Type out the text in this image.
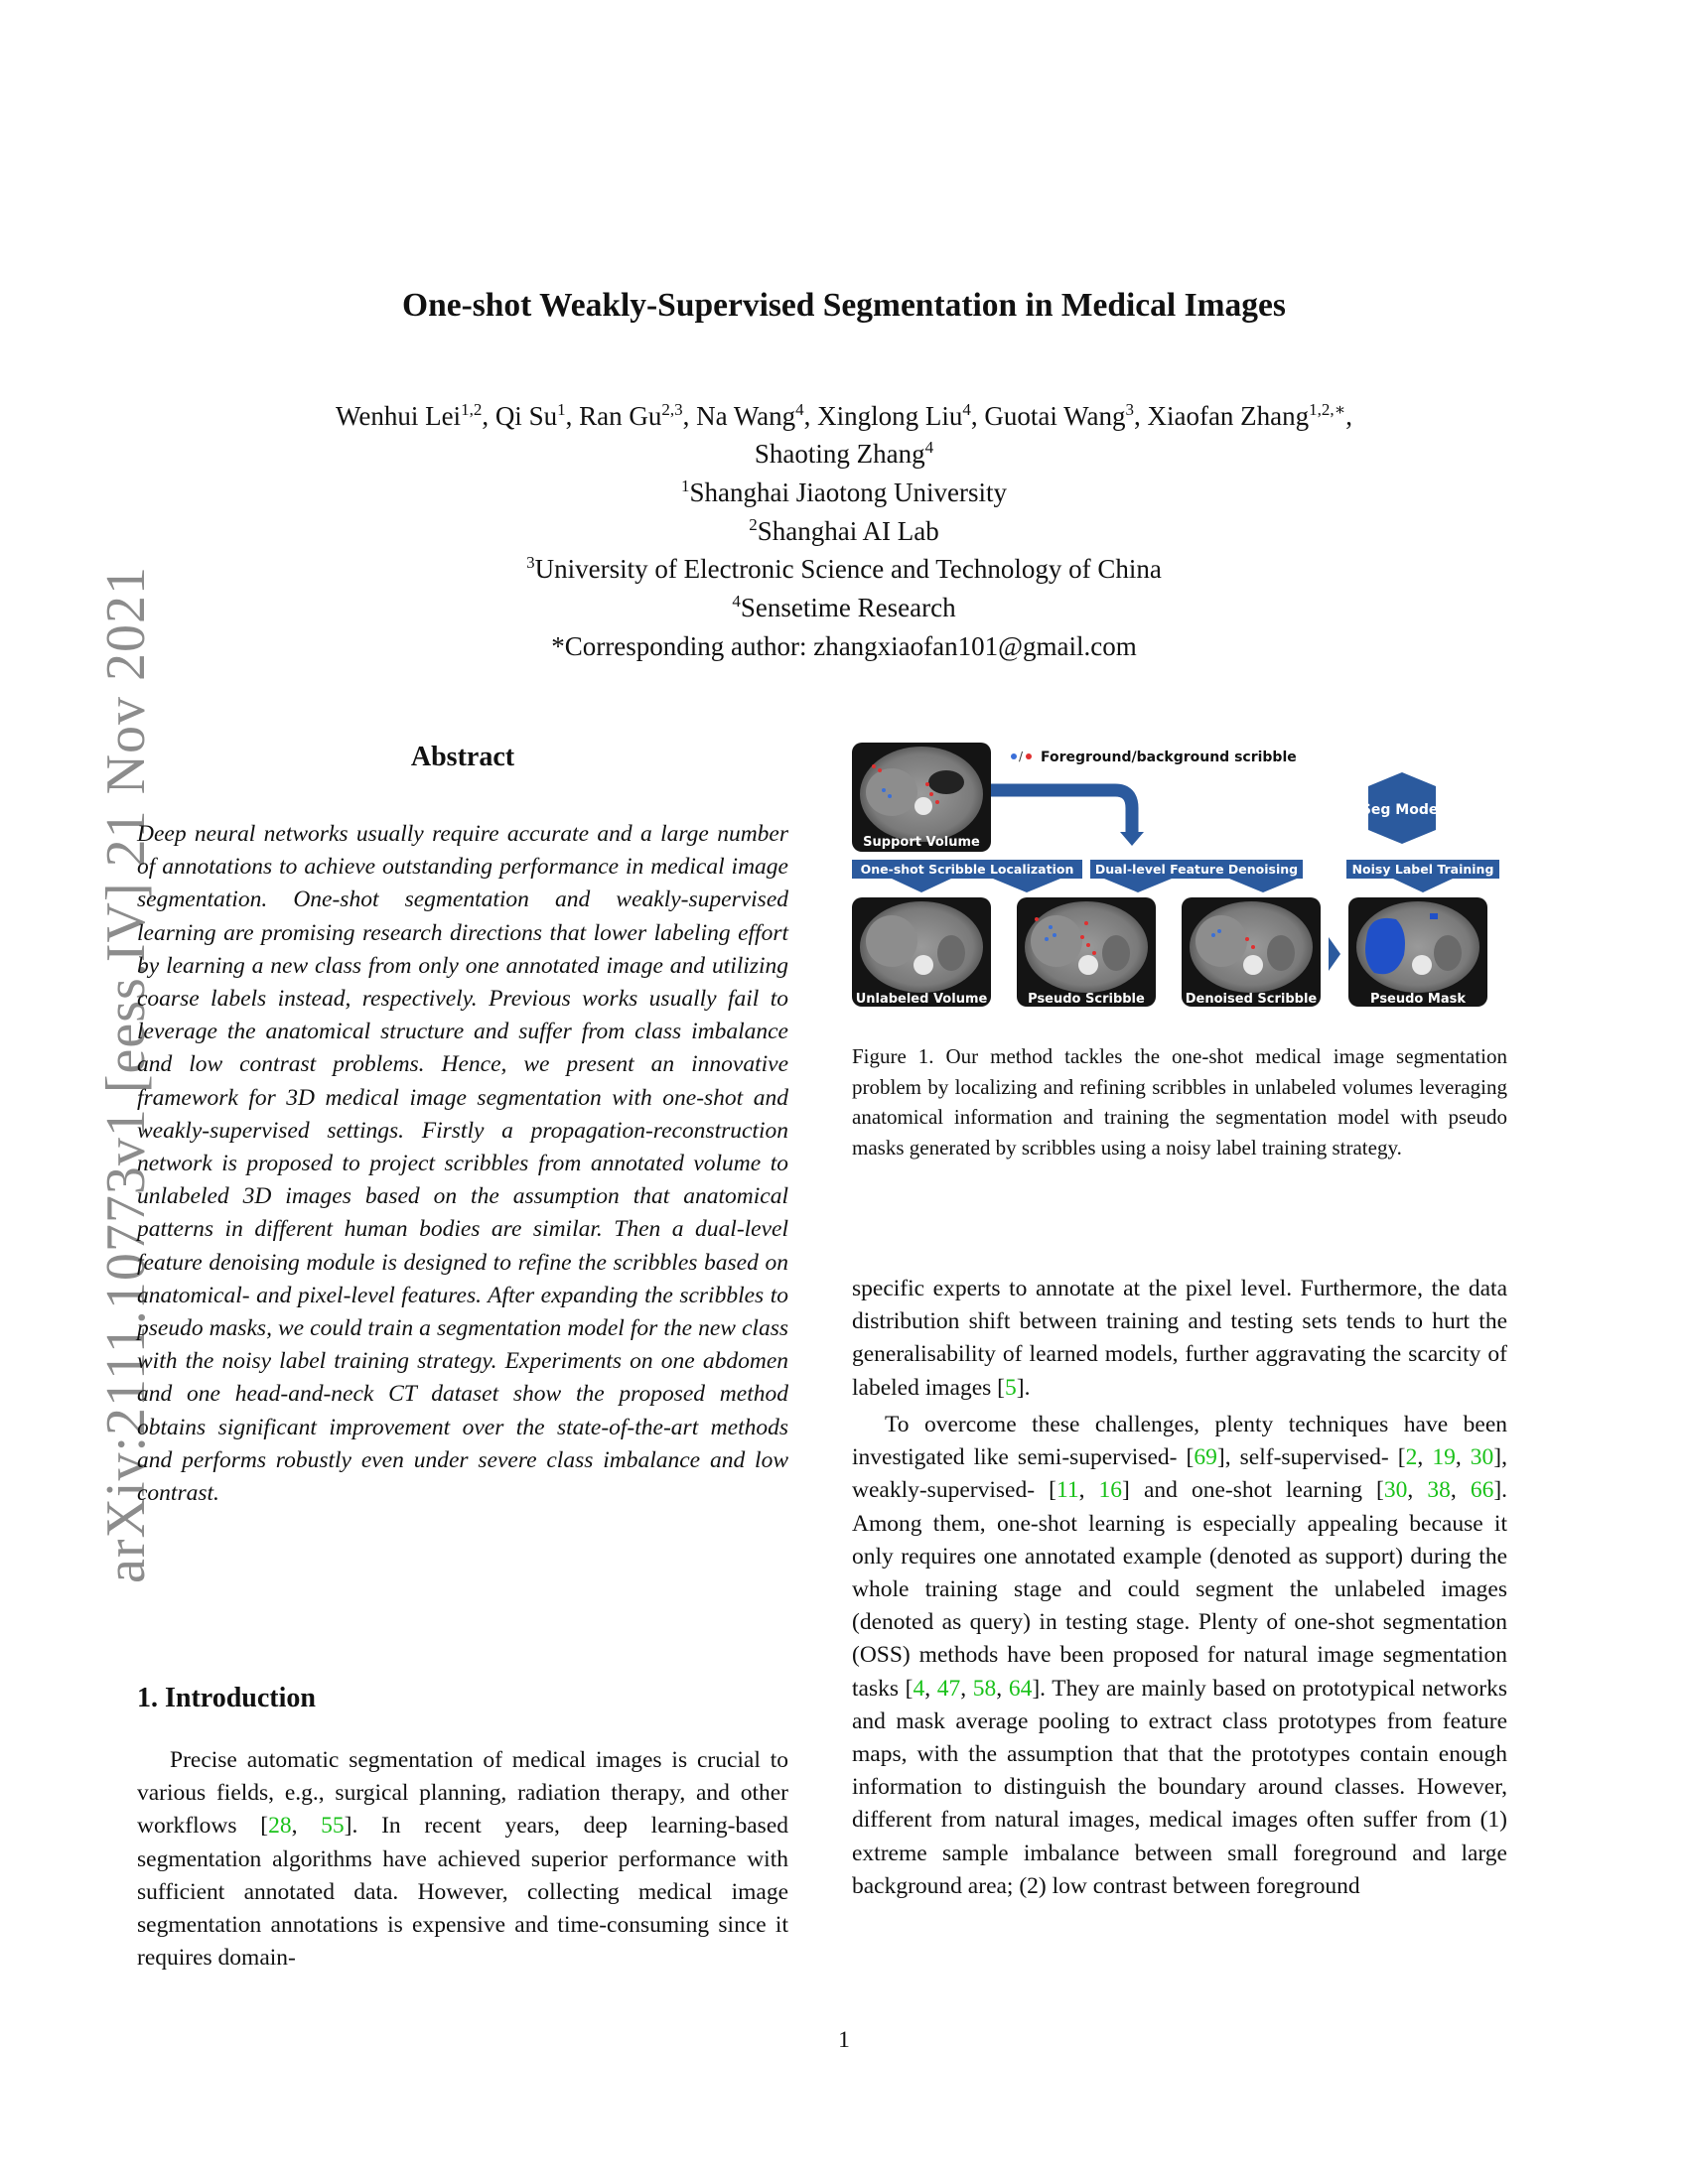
arXiv:2111.10773v1 [eess.IV] 21 Nov 2021
One-shot Weakly-Supervised Segmentation in Medical Images
Wenhui Lei$^{1,2}$, Qi Su$^1$, Ran Gu$^{2,3}$, Na Wang$^4$, Xinglong Liu$^4$, Guotai Wang$^3$, Xiaofan Zhang$^{1,2,∗}$,
Shaoting Zhang$^4$
$^1$Shanghai Jiaotong University
$^2$Shanghai AI Lab
$^3$University of Electronic Science and Technology of China
$^4$Sensetime Research
*Corresponding author: zhangxiaofan101@gmail.com
Abstract

Deep neural networks usually require accurate and a large number of annotations to achieve outstanding performance in medical image segmentation. One-shot segmentation and weakly-supervised learning are promising research directions that lower labeling effort by learning a new class from only one annotated image and utilizing coarse labels instead, respectively. Previous works usually fail to leverage the anatomical structure and suffer from class imbalance and low contrast problems. Hence, we present an innovative framework for 3D medical image segmentation with one-shot and weakly-supervised settings. Firstly a propagation-reconstruction network is proposed to project scribbles from annotated volume to unlabeled 3D images based on the assumption that anatomical patterns in different human bodies are similar. Then a dual-level feature denoising module is designed to refine the scribbles based on anatomical- and pixel-level features. After expanding the scribbles to pseudo masks, we could train a segmentation model for the new class with the noisy label training strategy. Experiments on one abdomen and one head-and-neck CT dataset show the proposed method obtains significant improvement over the state-of-the-art methods and performs robustly even under severe class imbalance and low contrast.

1. Introduction

Precise automatic segmentation of medical images is crucial to various fields, e.g., surgical planning, radiation therapy, and other workflows [28, 55]. In recent years, deep learning-based segmentation algorithms have achieved superior performance with sufficient annotated data. However, collecting medical image segmentation annotations is expensive and time-consuming since it requires domain-

Support Volume
/ Foreground/background scribble
Seg Model
One-shot Scribble Localization Dual-level Feature Denoising	Noisy Label Training
Unlabeled Volume	Pseudo Scribble	Denoised Scribble	Pseudo Mask

Figure 1. Our method tackles the one-shot medical image segmentation problem by localizing and refining scribbles in unlabeled volumes leveraging anatomical information and training the segmentation model with pseudo masks generated by scribbles using a noisy label training strategy.

specific experts to annotate at the pixel level. Furthermore, the data distribution shift between training and testing sets tends to hurt the generalisability of learned models, further aggravating the scarcity of labeled images [5].

To overcome these challenges, plenty techniques have been investigated like semi-supervised- [69], self-supervised- [2, 19, 30], weakly-supervised- [11, 16] and one-shot learning [30, 38, 66]. Among them, one-shot learning is especially appealing because it only requires one annotated example (denoted as support) during the whole training stage and could segment the unlabeled images (denoted as query) in testing stage. Plenty of one-shot segmentation (OSS) methods have been proposed for natural image segmentation tasks [4, 47, 58, 64]. They are mainly based on prototypical networks and mask average pooling to extract class prototypes from feature maps, with the assumption that that the prototypes contain enough information to distinguish the boundary around classes. However, different from natural images, medical images often suffer from (1) extreme sample imbalance between small foreground and large background area; (2) low contrast between foreground

1
